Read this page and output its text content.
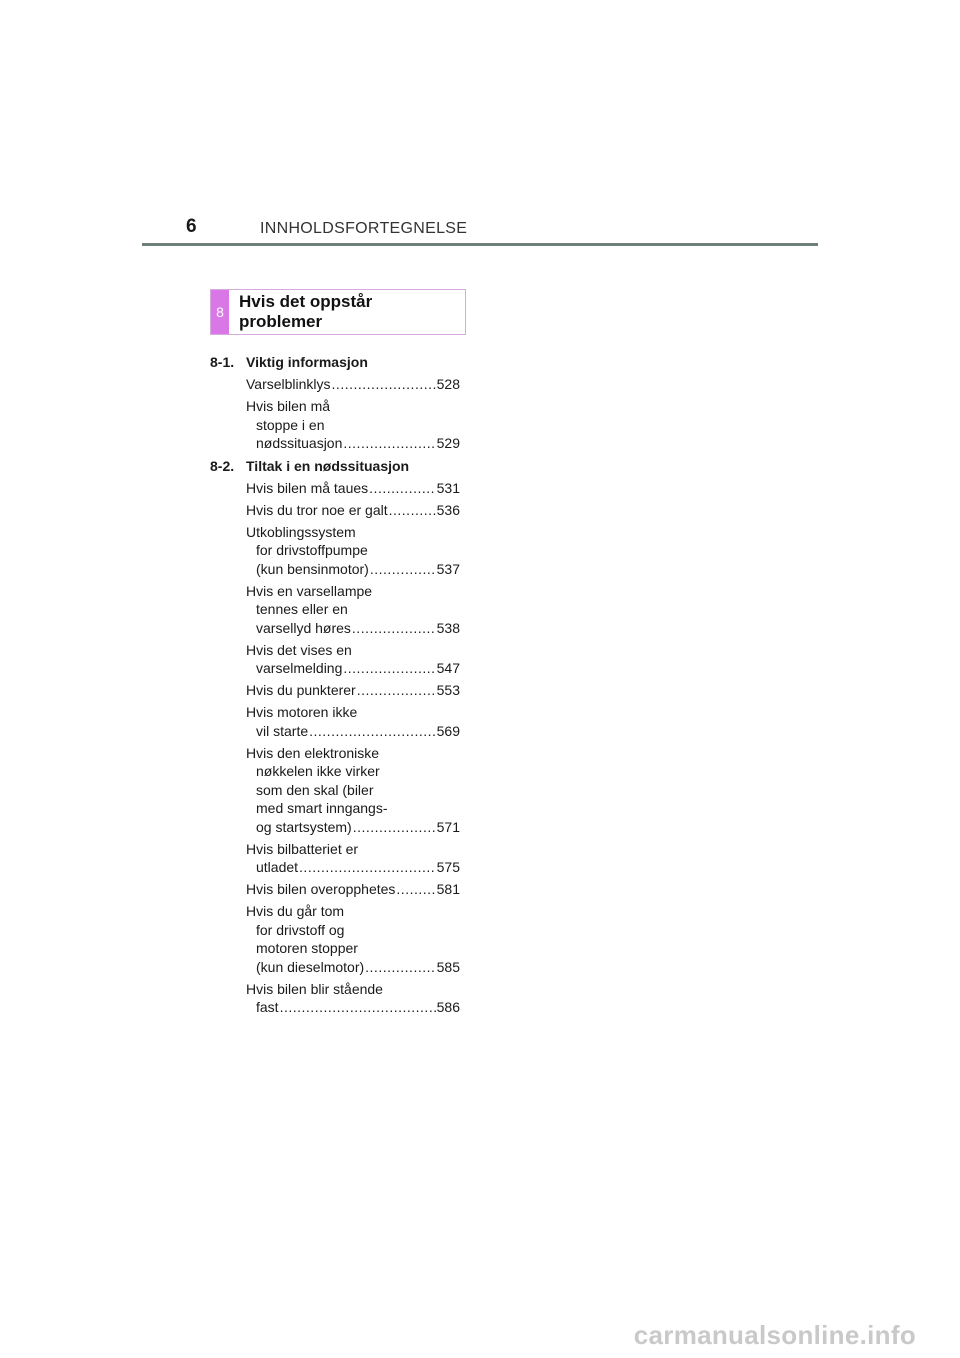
6	INNHOLDSFORTEGNELSE
8
Hvis det oppstår problemer
8-1. Viktig informasjon
Varselblinklys .....	528
Hvis bilen må
stoppe i en
nødssituasjon .....	529
8-2. Tiltak i en nødssituasjon
Hvis bilen må taues .....	531
Hvis du tror noe er galt .....	536
Utkoblingssystem
for drivstoffpumpe
(kun bensinmotor) .....	537
Hvis en varsellampe
tennes eller en
varsellyd høres .....	538
Hvis det vises en
varselmelding .....	547
Hvis du punkterer .....	553
Hvis motoren ikke
vil starte .....	569
Hvis den elektroniske
nøkkelen ikke virker
som den skal (biler
med smart inngangs-
og startsystem) .....	571
Hvis bilbatteriet er
utladet .....	575
Hvis bilen overopphetes .....	581
Hvis du går tom
for drivstoff og
motoren stopper
(kun dieselmotor) .....	585
Hvis bilen blir stående
fast .....	586
carmanualsonline.info
